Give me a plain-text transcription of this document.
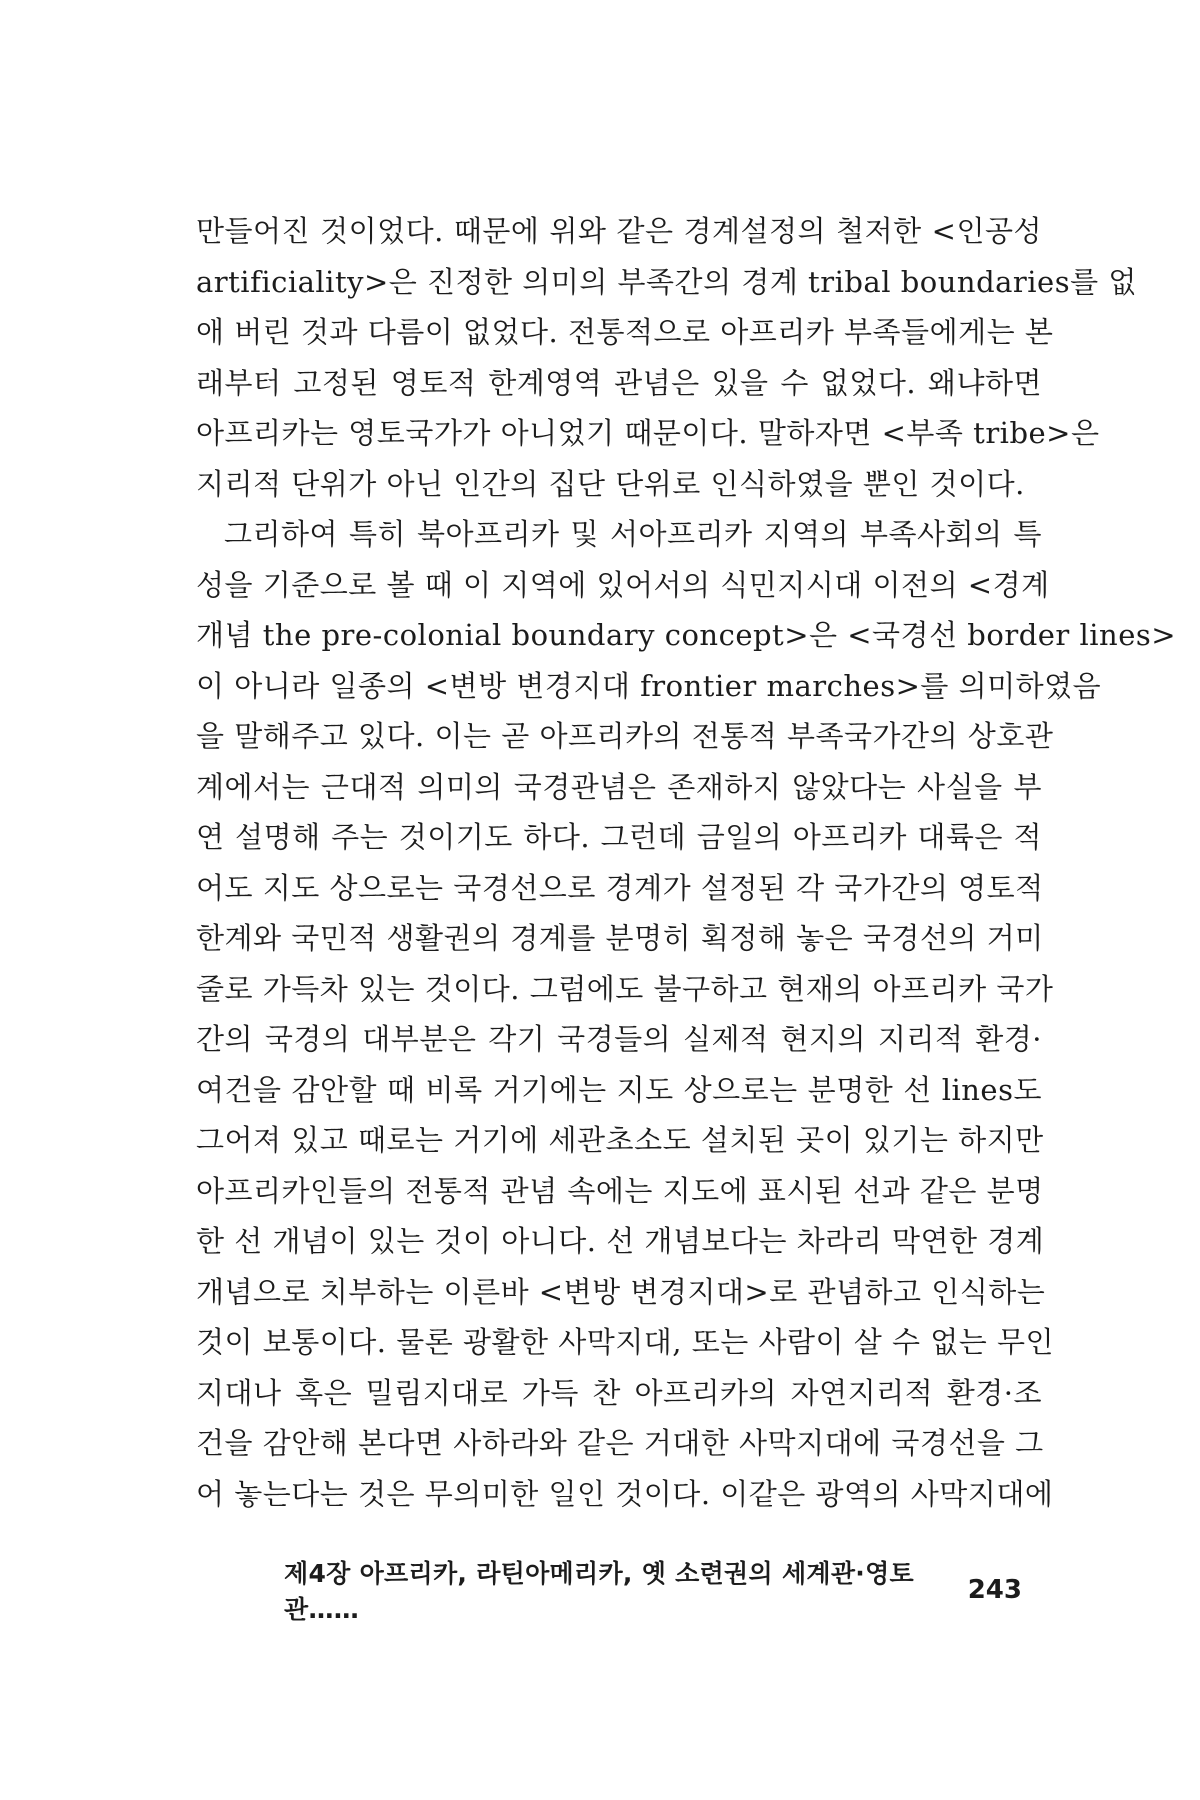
만들어진 것이었다. 때문에 위와 같은 경계설정의 철저한 <인공성
artificiality>은 진정한 의미의 부족간의 경계 tribal boundaries를 없
애 버린 것과 다름이 없었다. 전통적으로 아프리카 부족들에게는 본
래부터 고정된 영토적 한계영역 관념은 있을 수 없었다. 왜냐하면
아프리카는 영토국가가 아니었기 때문이다. 말하자면 <부족 tribe>은
지리적 단위가 아닌 인간의 집단 단위로 인식하였을 뿐인 것이다.
그리하여 특히 북아프리카 및 서아프리카 지역의 부족사회의 특
성을 기준으로 볼 때 이 지역에 있어서의 식민지시대 이전의 <경계
개념 the pre-colonial boundary concept>은 <국경선 border lines>
이 아니라 일종의 <변방 변경지대 frontier marches>를 의미하였음
을 말해주고 있다. 이는 곧 아프리카의 전통적 부족국가간의 상호관
계에서는 근대적 의미의 국경관념은 존재하지 않았다는 사실을 부
연 설명해 주는 것이기도 하다. 그런데 금일의 아프리카 대륙은 적
어도 지도 상으로는 국경선으로 경계가 설정된 각 국가간의 영토적
한계와 국민적 생활권의 경계를 분명히 획정해 놓은 국경선의 거미
줄로 가득차 있는 것이다. 그럼에도 불구하고 현재의 아프리카 국가
간의 국경의 대부분은 각기 국경들의 실제적 현지의 지리적 환경·
여건을 감안할 때 비록 거기에는 지도 상으로는 분명한 선 lines도
그어져 있고 때로는 거기에 세관초소도 설치된 곳이 있기는 하지만
아프리카인들의 전통적 관념 속에는 지도에 표시된 선과 같은 분명
한 선 개념이 있는 것이 아니다. 선 개념보다는 차라리 막연한 경계
개념으로 치부하는 이른바 <변방 변경지대>로 관념하고 인식하는
것이 보통이다. 물론 광활한 사막지대, 또는 사람이 살 수 없는 무인
지대나 혹은 밀림지대로 가득 찬 아프리카의 자연지리적 환경·조
건을 감안해 본다면 사하라와 같은 거대한 사막지대에 국경선을 그
어 놓는다는 것은 무의미한 일인 것이다. 이같은 광역의 사막지대에
제4장 아프리카, 라틴아메리카, 옛 소련권의 세계관·영토관……
243
